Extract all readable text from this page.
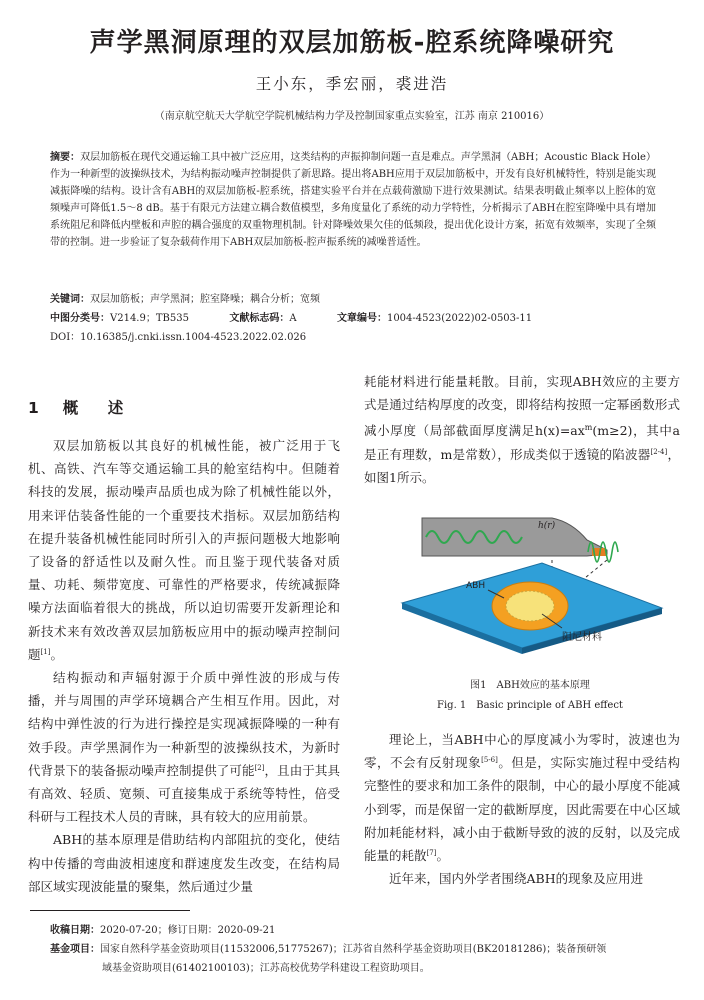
声学黑洞原理的双层加筋板-腔系统降噪研究
王小东，季宏丽，裘进浩
（南京航空航天大学航空学院机械结构力学及控制国家重点实验室，江苏 南京 210016）
摘要：双层加筋板在现代交通运输工具中被广泛应用，这类结构的声振抑制问题一直是难点。声学黑洞（ABH；Acoustic Black Hole）作为一种新型的波操纵技术，为结构振动噪声控制提供了新思路。提出将ABH应用于双层加筋板中，开发有良好机械特性，特别是能实现减振降噪的结构。设计含有ABH的双层加筋板-腔系统，搭建实验平台并在点载荷激励下进行效果测试。结果表明截止频率以上腔体的宽频噪声可降低1.5～8 dB。基于有限元方法建立耦合数值模型，多角度量化了系统的动力学特性，分析揭示了ABH在腔室降噪中具有增加系统阻尼和降低内壁板和声腔的耦合强度的双重物理机制。针对降噪效果欠佳的低频段，提出优化设计方案，拓宽有效频率，实现了全频带的控制。进一步验证了复杂载荷作用下ABH双层加筋板-腔声振系统的减噪普适性。
关键词：双层加筋板；声学黑洞；腔室降噪；耦合分析；宽频
中图分类号：V214.9；TB535	文献标志码：A	文章编号：1004-4523(2022)02-0503-11
DOI：10.16385/j.cnki.issn.1004-4523.2022.02.026
1 概 述

双层加筋板以其良好的机械性能，被广泛用于飞机、高铁、汽车等交通运输工具的舱室结构中。但随着科技的发展，振动噪声品质也成为除了机械性能以外，用来评估装备性能的一个重要技术指标。双层加筋结构在提升装备机械性能同时所引入的声振问题极大地影响了设备的舒适性以及耐久性。而且鉴于现代装备对质量、功耗、频带宽度、可靠性的严格要求，传统减振降噪方法面临着很大的挑战，所以迫切需要开发新理论和新技术来有效改善双层加筋板应用中的振动噪声控制问题[1]。

结构振动和声辐射源于介质中弹性波的形成与传播，并与周围的声学环境耦合产生相互作用。因此，对结构中弹性波的行为进行操控是实现减振降噪的一种有效手段。声学黑洞作为一种新型的波操纵技术，为新时代背景下的装备振动噪声控制提供了可能[2]，且由于其具有高效、轻质、宽频、可直接集成于系统等特性，倍受科研与工程技术人员的青睐，具有较大的应用前景。

ABH的基本原理是借助结构内部阻抗的变化，使结构中传播的弯曲波相速度和群速度发生改变，在结构局部区域实现波能量的聚集，然后通过少量

耗能材料进行能量耗散。目前，实现ABH效应的主要方式是通过结构厚度的改变，即将结构按照一定幂函数形式减小厚度（局部截面厚度满足$h(x)=ax^m(m\ge 2)$，其中a是正有理数，m是常数），形成类似于透镜的陷波器[2-4]，如图1所示。

h(r)
ABH
阻尼材料
弹性板
图1　ABH效应的基本原理
Fig. 1　Basic principle of ABH effect

理论上，当ABH中心的厚度减小为零时，波速也为零，不会有反射现象[5-6]。但是，实际实施过程中受结构完整性的要求和加工条件的限制，中心的最小厚度不能减小到零，而是保留一定的截断厚度，因此需要在中心区域附加耗能材料，减小由于截断导致的波的反射，以及完成能量的耗散[7]。

近年来，国内外学者围绕ABH的现象及应用进

收稿日期：2020-07-20；修订日期：2020-09-21
基金项目：国家自然科学基金资助项目(11532006,51775267)；江苏省自然科学基金资助项目(BK20181286)；装备预研领
域基金资助项目(61402100103)；江苏高校优势学科建设工程资助项目。
